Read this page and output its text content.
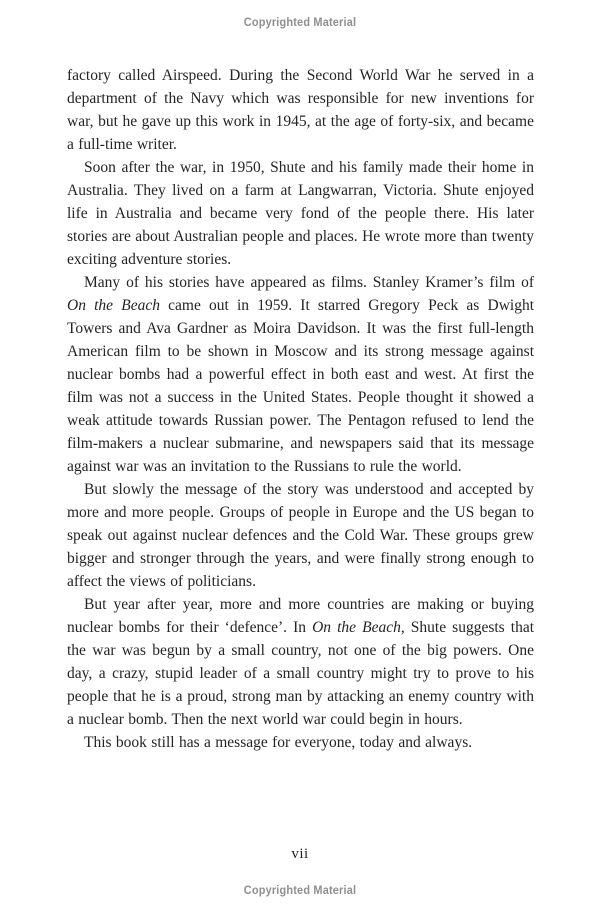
Copyrighted Material

factory called Airspeed. During the Second World War he served in a department of the Navy which was responsible for new inventions for war, but he gave up this work in 1945, at the age of forty-six, and became a full-time writer.

Soon after the war, in 1950, Shute and his family made their home in Australia. They lived on a farm at Langwarran, Victoria. Shute enjoyed life in Australia and became very fond of the people there. His later stories are about Australian people and places. He wrote more than twenty exciting adventure stories.

Many of his stories have appeared as films. Stanley Kramer’s film of On the Beach came out in 1959. It starred Gregory Peck as Dwight Towers and Ava Gardner as Moira Davidson. It was the first full-length American film to be shown in Moscow and its strong message against nuclear bombs had a powerful effect in both east and west. At first the film was not a success in the United States. People thought it showed a weak attitude towards Russian power. The Pentagon refused to lend the film-makers a nuclear submarine, and newspapers said that its message against war was an invitation to the Russians to rule the world.

But slowly the message of the story was understood and accepted by more and more people. Groups of people in Europe and the US began to speak out against nuclear defences and the Cold War. These groups grew bigger and stronger through the years, and were finally strong enough to affect the views of politicians.

But year after year, more and more countries are making or buying nuclear bombs for their ‘defence’. In On the Beach, Shute suggests that the war was begun by a small country, not one of the big powers. One day, a crazy, stupid leader of a small country might try to prove to his people that he is a proud, strong man by attacking an enemy country with a nuclear bomb. Then the next world war could begin in hours.

This book still has a message for everyone, today and always.

vii
Copyrighted Material
